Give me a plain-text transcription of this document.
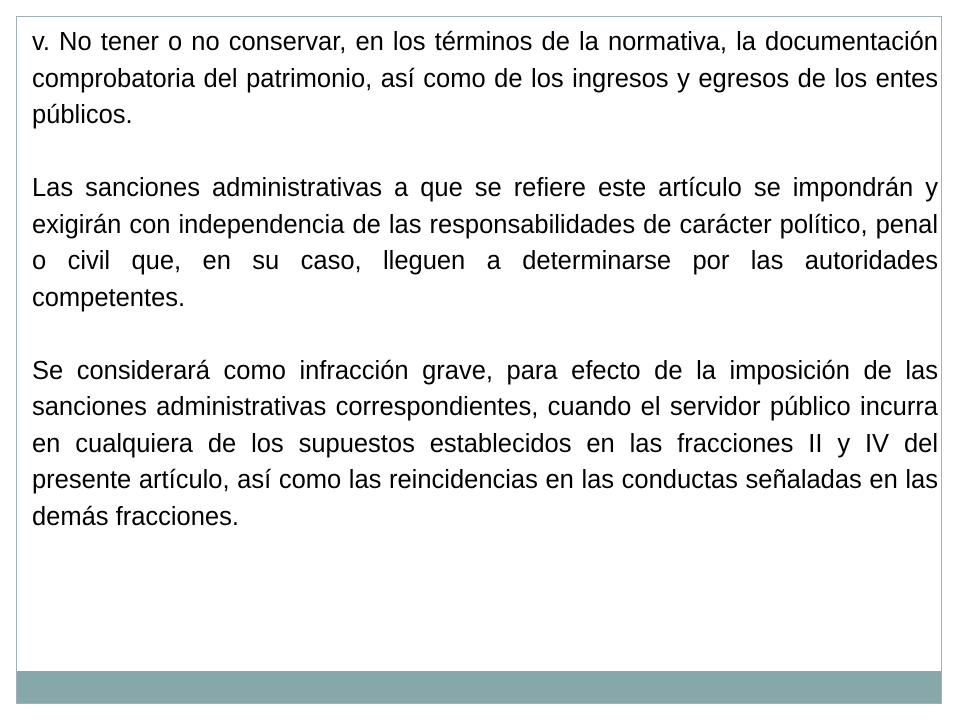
v. No tener o no conservar, en los términos de la normativa, la documentación comprobatoria del patrimonio, así como de los ingresos y egresos de los entes públicos.

Las sanciones administrativas a que se refiere este artículo se impondrán y exigirán con independencia de las responsabilidades de carácter político, penal o civil que, en su caso, lleguen a determinarse por las autoridades competentes.

Se considerará como infracción grave, para efecto de la imposición de las sanciones administrativas correspondientes, cuando el servidor público incurra en cualquiera de los supuestos establecidos en las fracciones II y IV del presente artículo, así como las reincidencias en las conductas señaladas en las demás fracciones.
